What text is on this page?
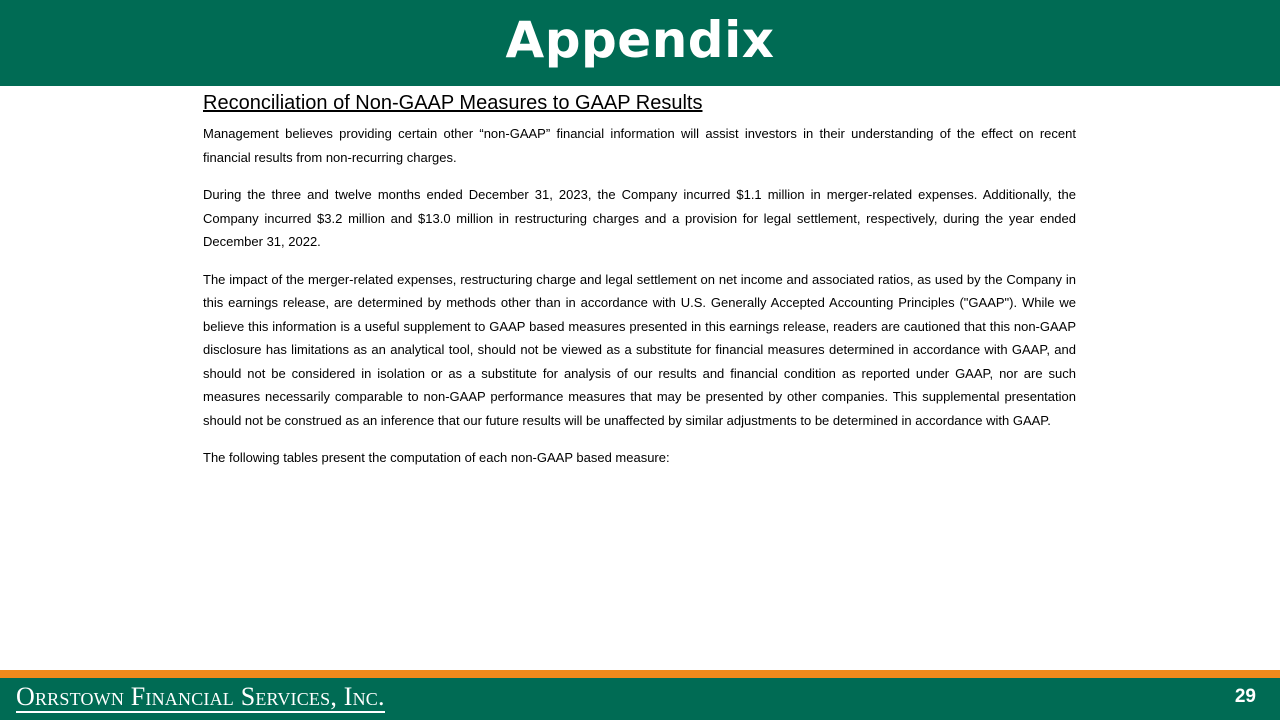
Appendix
Reconciliation of Non-GAAP Measures to GAAP Results

Management believes providing certain other “non-GAAP” financial information will assist investors in their understanding of the effect on recent financial results from non-recurring charges.

During the three and twelve months ended December 31, 2023, the Company incurred $1.1 million in merger-related expenses. Additionally, the Company incurred $3.2 million and $13.0 million in restructuring charges and a provision for legal settlement, respectively, during the year ended December 31, 2022.

The impact of the merger-related expenses, restructuring charge and legal settlement on net income and associated ratios, as used by the Company in this earnings release, are determined by methods other than in accordance with U.S. Generally Accepted Accounting Principles ("GAAP"). While we believe this information is a useful supplement to GAAP based measures presented in this earnings release, readers are cautioned that this non-GAAP disclosure has limitations as an analytical tool, should not be viewed as a substitute for financial measures determined in accordance with GAAP, and should not be considered in isolation or as a substitute for analysis of our results and financial condition as reported under GAAP, nor are such measures necessarily comparable to non-GAAP performance measures that may be presented by other companies. This supplemental presentation should not be construed as an inference that our future results will be unaffected by similar adjustments to be determined in accordance with GAAP.

The following tables present the computation of each non-GAAP based measure:

Orrstown Financial Services, Inc.	29
